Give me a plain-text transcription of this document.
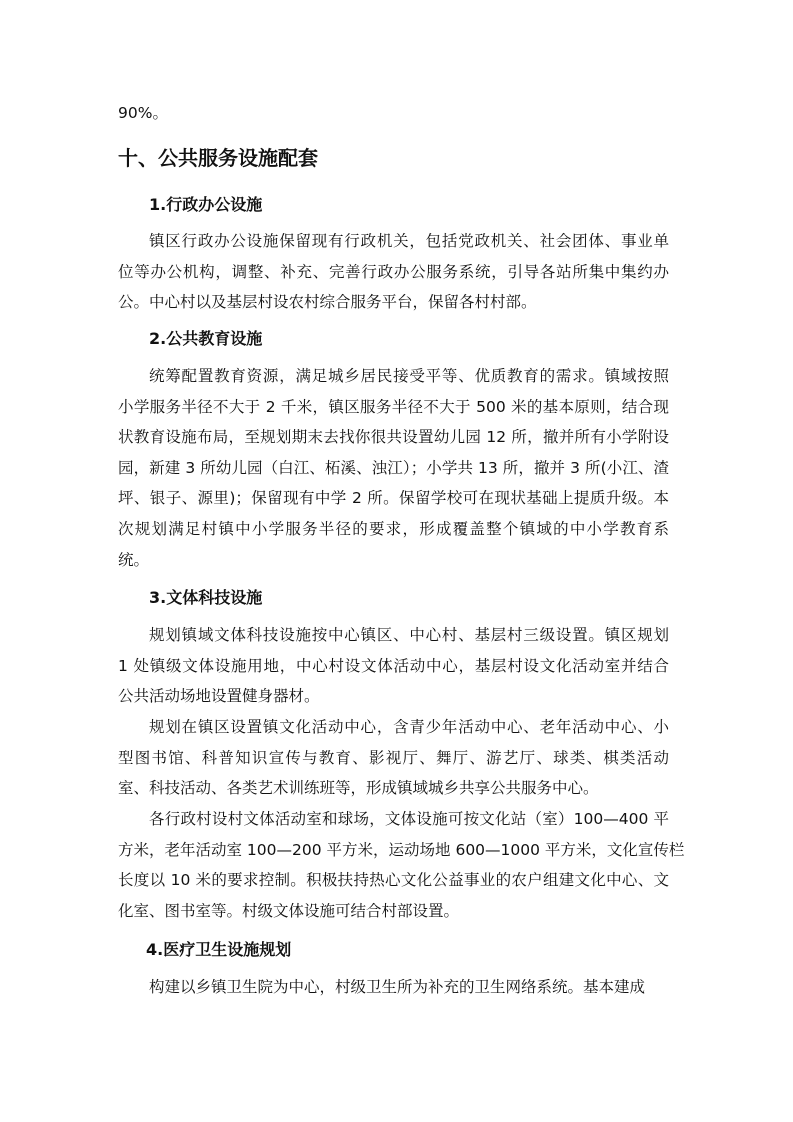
90%。
十、公共服务设施配套
1.行政办公设施
镇区行政办公设施保留现有行政机关，包括党政机关、社会团体、事业单
位等办公机构，调整、补充、完善行政办公服务系统，引导各站所集中集约办
公。中心村以及基层村设农村综合服务平台，保留各村村部。
2.公共教育设施
统筹配置教育资源，满足城乡居民接受平等、优质教育的需求。镇域按照
小学服务半径不大于 2 千米，镇区服务半径不大于 500 米的基本原则，结合现
状教育设施布局，至规划期末去找你很共设置幼儿园 12 所，撤并所有小学附设
园，新建 3 所幼儿园（白江、柘溪、浊江）；小学共 13 所，撤并 3 所(小江、渣
坪、银子、源里)；保留现有中学 2 所。保留学校可在现状基础上提质升级。本
次规划满足村镇中小学服务半径的要求，形成覆盖整个镇域的中小学教育系
统。
3.文体科技设施
规划镇域文体科技设施按中心镇区、中心村、基层村三级设置。镇区规划
1 处镇级文体设施用地，中心村设文体活动中心，基层村设文化活动室并结合
公共活动场地设置健身器材。
规划在镇区设置镇文化活动中心，含青少年活动中心、老年活动中心、小
型图书馆、科普知识宣传与教育、影视厅、舞厅、游艺厅、球类、棋类活动
室、科技活动、各类艺术训练班等，形成镇域城乡共享公共服务中心。
各行政村设村文体活动室和球场，文体设施可按文化站（室）100—400 平
方米，老年活动室 100—200 平方米，运动场地 600—1000 平方米，文化宣传栏
长度以 10 米的要求控制。积极扶持热心文化公益事业的农户组建文化中心、文
化室、图书室等。村级文体设施可结合村部设置。
4.医疗卫生设施规划
构建以乡镇卫生院为中心，村级卫生所为补充的卫生网络系统。基本建成
